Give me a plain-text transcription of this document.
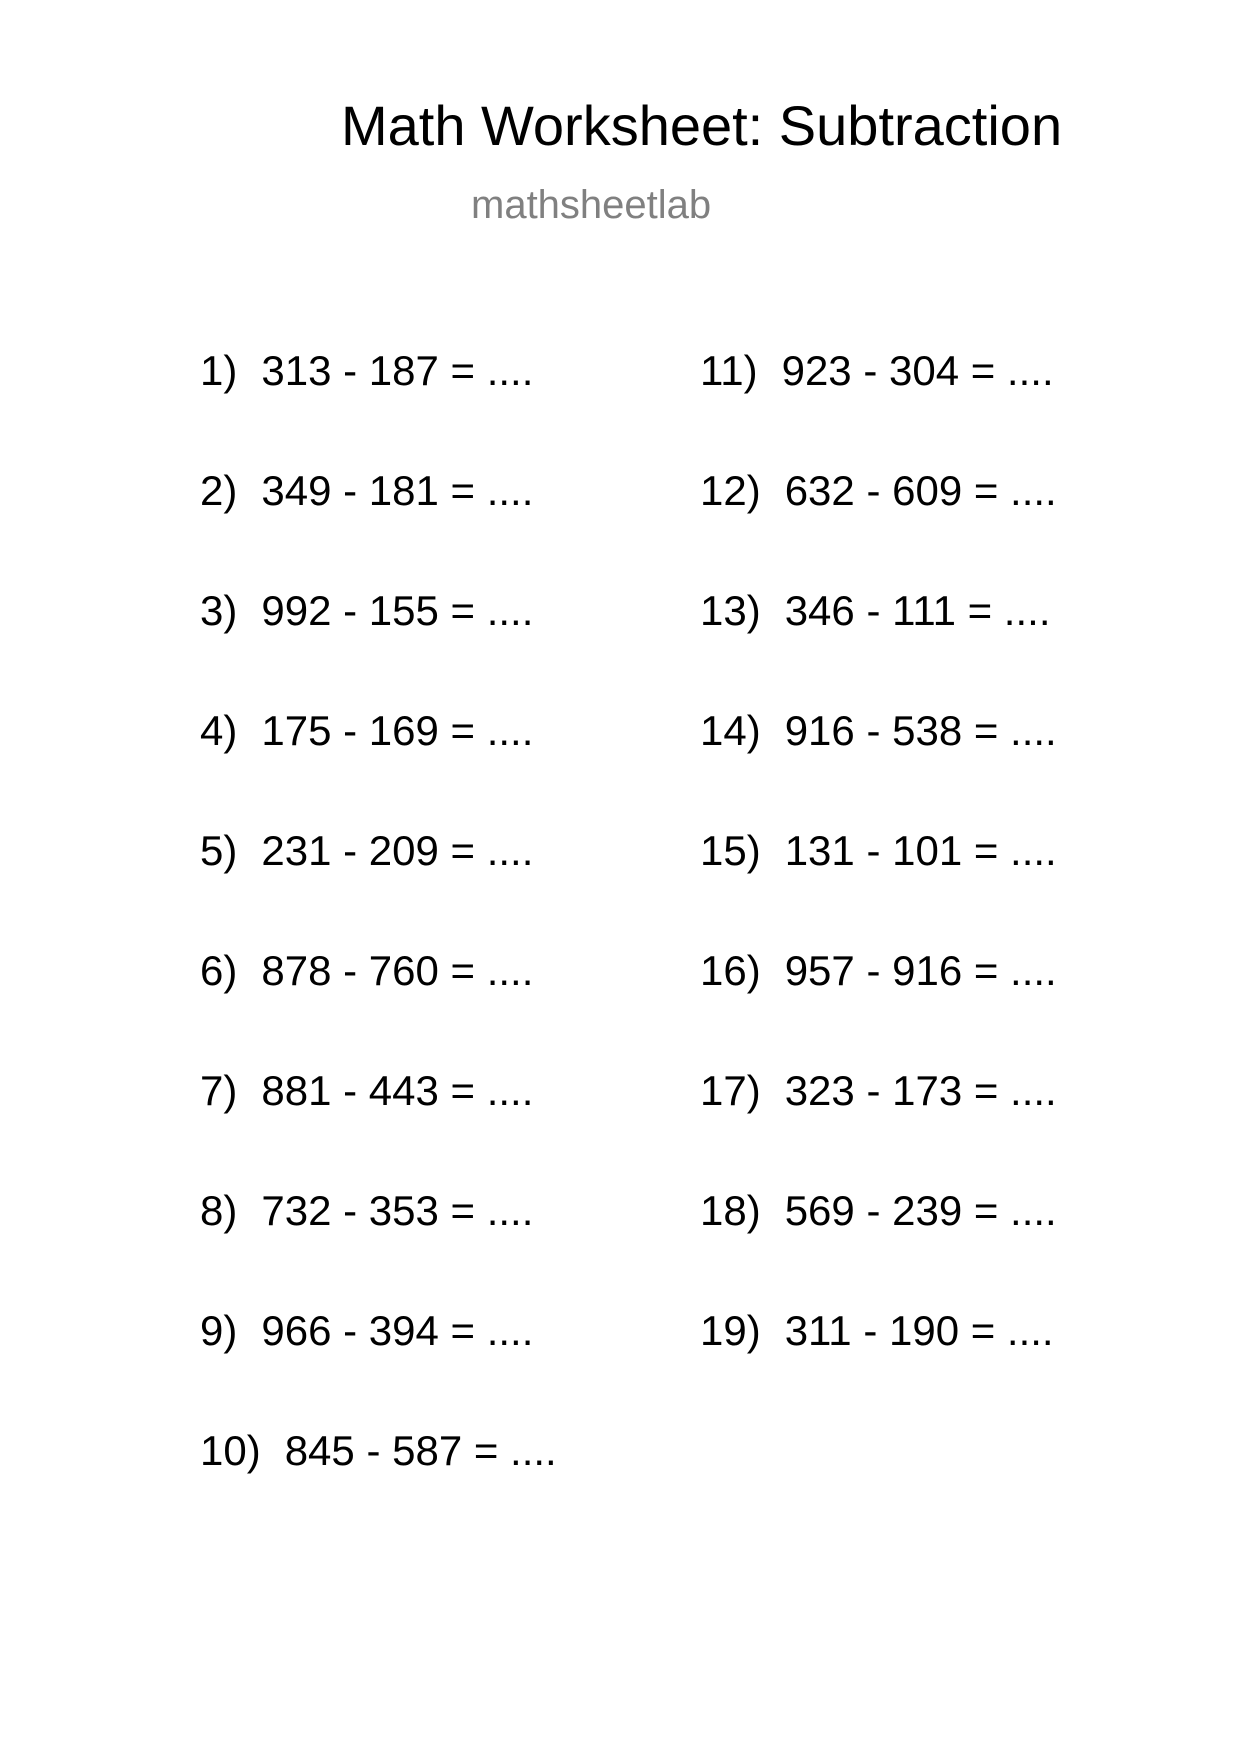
Math Worksheet: Subtraction
mathsheetlab
1) 313 - 187 = ....
2) 349 - 181 = ....
3) 992 - 155 = ....
4) 175 - 169 = ....
5) 231 - 209 = ....
6) 878 - 760 = ....
7) 881 - 443 = ....
8) 732 - 353 = ....
9) 966 - 394 = ....
10) 845 - 587 = ....
11) 923 - 304 = ....
12) 632 - 609 = ....
13) 346 - 111 = ....
14) 916 - 538 = ....
15) 131 - 101 = ....
16) 957 - 916 = ....
17) 323 - 173 = ....
18) 569 - 239 = ....
19) 311 - 190 = ....
